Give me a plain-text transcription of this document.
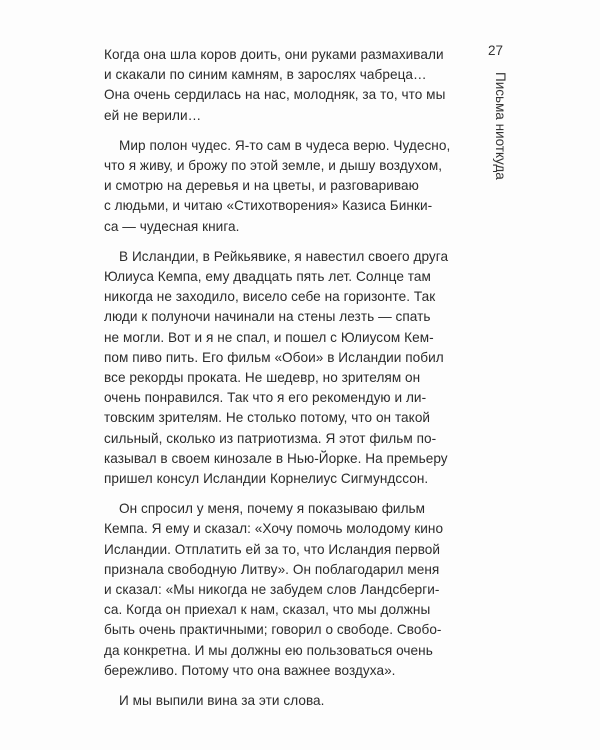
27
Письма ниоткуда
Когда она шла коров доить, они руками размахивали
и скакали по синим камням, в зарослях чабреца…
Она очень сердилась на нас, молодняк, за то, что мы
ей не верили…
Мир полон чудес. Я-то сам в чудеса верю. Чудесно,
что я живу, и брожу по этой земле, и дышу воздухом,
и смотрю на деревья и на цветы, и разговариваю
с людьми, и читаю «Стихотворения» Казиса Бинки-
са — чудесная книга.
В Исландии, в Рейкьявике, я навестил своего друга
Юлиуса Кемпа, ему двадцать пять лет. Солнце там
никогда не заходило, висело себе на горизонте. Так
люди к полуночи начинали на стены лезть — спать
не могли. Вот и я не спал, и пошел с Юлиусом Кем-
пом пиво пить. Его фильм «Обои» в Исландии побил
все рекорды проката. Не шедевр, но зрителям он
очень понравился. Так что я его рекомендую и ли-
товским зрителям. Не столько потому, что он такой
сильный, сколько из патриотизма. Я этот фильм по-
казывал в своем кинозале в Нью-Йорке. На премьеру
пришел консул Исландии Корнелиус Сигмундссон.
Он спросил у меня, почему я показываю фильм
Кемпа. Я ему и сказал: «Хочу помочь молодому кино
Исландии. Отплатить ей за то, что Исландия первой
признала свободную Литву». Он поблагодарил меня
и сказал: «Мы никогда не забудем слов Ландсберги-
са. Когда он приехал к нам, сказал, что мы должны
быть очень практичными; говорил о свободе. Свобо-
да конкретна. И мы должны ею пользоваться очень
бережливо. Потому что она важнее воздуха».
И мы выпили вина за эти слова.
